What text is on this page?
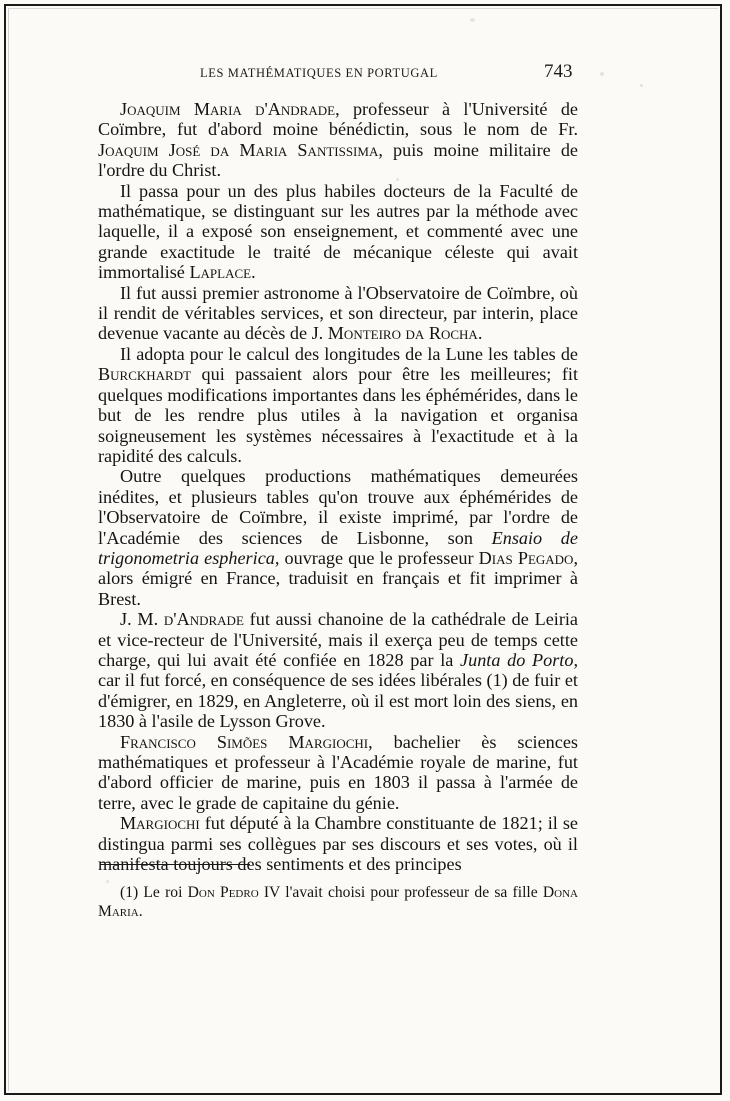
LES MATHÉMATIQUES EN PORTUGAL	743

Joaquim Maria d'Andrade, professeur à l'Université de Coïmbre, fut d'abord moine bénédictin, sous le nom de Fr. Joaquim José da Maria Santissima, puis moine militaire de l'ordre du Christ.

Il passa pour un des plus habiles docteurs de la Faculté de mathématique, se distinguant sur les autres par la méthode avec laquelle, il a exposé son enseignement, et commenté avec une grande exactitude le traité de mécanique céleste qui avait immortalisé Laplace.

Il fut aussi premier astronome à l'Observatoire de Coïmbre, où il rendit de véritables services, et son directeur, par interin, place devenue vacante au décès de J. Monteiro da Rocha.

Il adopta pour le calcul des longitudes de la Lune les tables de Burckhardt qui passaient alors pour être les meilleures; fit quelques modifications importantes dans les éphémérides, dans le but de les rendre plus utiles à la navigation et organisa soigneusement les systèmes nécessaires à l'exactitude et à la rapidité des calculs.

Outre quelques productions mathématiques demeurées inédites, et plusieurs tables qu'on trouve aux éphémérides de l'Observatoire de Coïmbre, il existe imprimé, par l'ordre de l'Académie des sciences de Lisbonne, son Ensaio de trigonometria espherica, ouvrage que le professeur Dias Pegado, alors émigré en France, traduisit en français et fit imprimer à Brest.

J. M. d'Andrade fut aussi chanoine de la cathédrale de Leiria et vice-recteur de l'Université, mais il exerça peu de temps cette charge, qui lui avait été confiée en 1828 par la Junta do Porto, car il fut forcé, en conséquence de ses idées libérales (1) de fuir et d'émigrer, en 1829, en Angleterre, où il est mort loin des siens, en 1830 à l'asile de Lysson Grove.

Francisco Simões Margiochi, bachelier ès sciences mathématiques et professeur à l'Académie royale de marine, fut d'abord officier de marine, puis en 1803 il passa à l'armée de terre, avec le grade de capitaine du génie.

Margiochi fut député à la Chambre constituante de 1821; il se distingua parmi ses collègues par ses discours et ses votes, où il manifesta toujours des sentiments et des principes

(1) Le roi Don Pedro IV l'avait choisi pour professeur de sa fille Dona Maria.
